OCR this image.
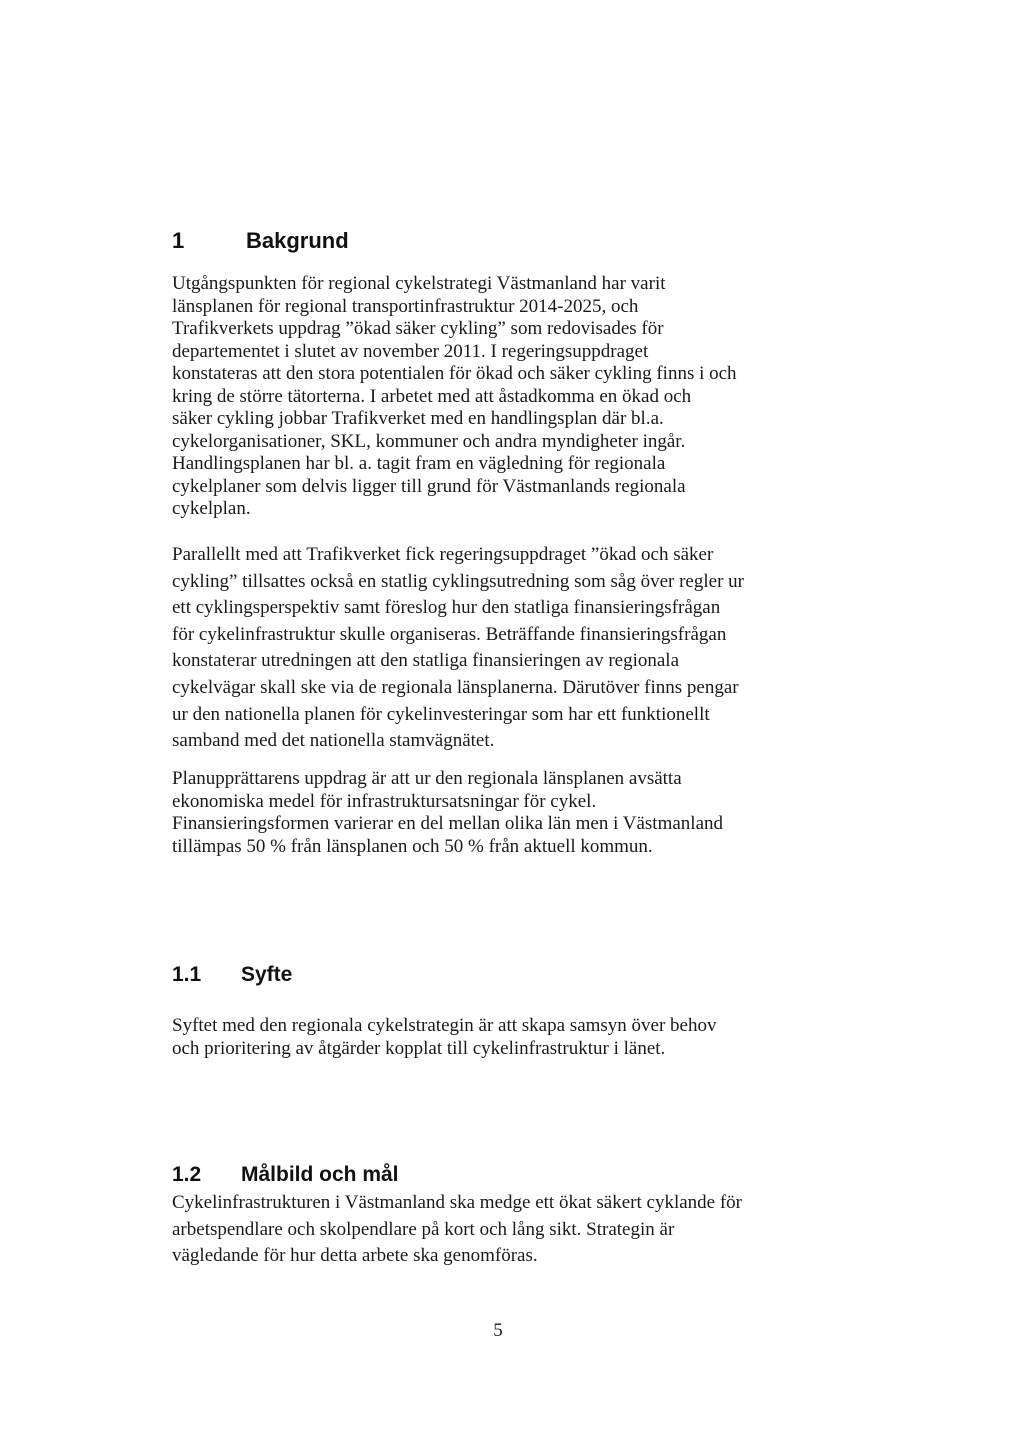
1	Bakgrund

Utgångspunkten för regional cykelstrategi Västmanland har varit
länsplanen för regional transportinfrastruktur 2014-2025, och
Trafikverkets uppdrag ”ökad säker cykling” som redovisades för
departementet i slutet av november 2011. I regeringsuppdraget
konstateras att den stora potentialen för ökad och säker cykling finns i och
kring de större tätorterna. I arbetet med att åstadkomma en ökad och
säker cykling jobbar Trafikverket med en handlingsplan där bl.a.
cykelorganisationer, SKL, kommuner och andra myndigheter ingår.
Handlingsplanen har bl. a. tagit fram en vägledning för regionala
cykelplaner som delvis ligger till grund för Västmanlands regionala
cykelplan.

Parallellt med att Trafikverket fick regeringsuppdraget ”ökad och säker
cykling” tillsattes också en statlig cyklingsutredning som såg över regler ur
ett cyklingsperspektiv samt föreslog hur den statliga finansieringsfrågan
för cykelinfrastruktur skulle organiseras. Beträffande finansieringsfrågan
konstaterar utredningen att den statliga finansieringen av regionala
cykelvägar skall ske via de regionala länsplanerna. Därutöver finns pengar
ur den nationella planen för cykelinvesteringar som har ett funktionellt
samband med det nationella stamvägnätet.

Planupprättarens uppdrag är att ur den regionala länsplanen avsätta
ekonomiska medel för infrastruktursatsningar för cykel.
Finansieringsformen varierar en del mellan olika län men i Västmanland
tillämpas 50 % från länsplanen och 50 % från aktuell kommun.

1.1 Syfte

Syftet med den regionala cykelstrategin är att skapa samsyn över behov
och prioritering av åtgärder kopplat till cykelinfrastruktur i länet.

1.2 Målbild och mål

Cykelinfrastrukturen i Västmanland ska medge ett ökat säkert cyklande för
arbetspendlare och skolpendlare på kort och lång sikt. Strategin är
vägledande för hur detta arbete ska genomföras.

5
